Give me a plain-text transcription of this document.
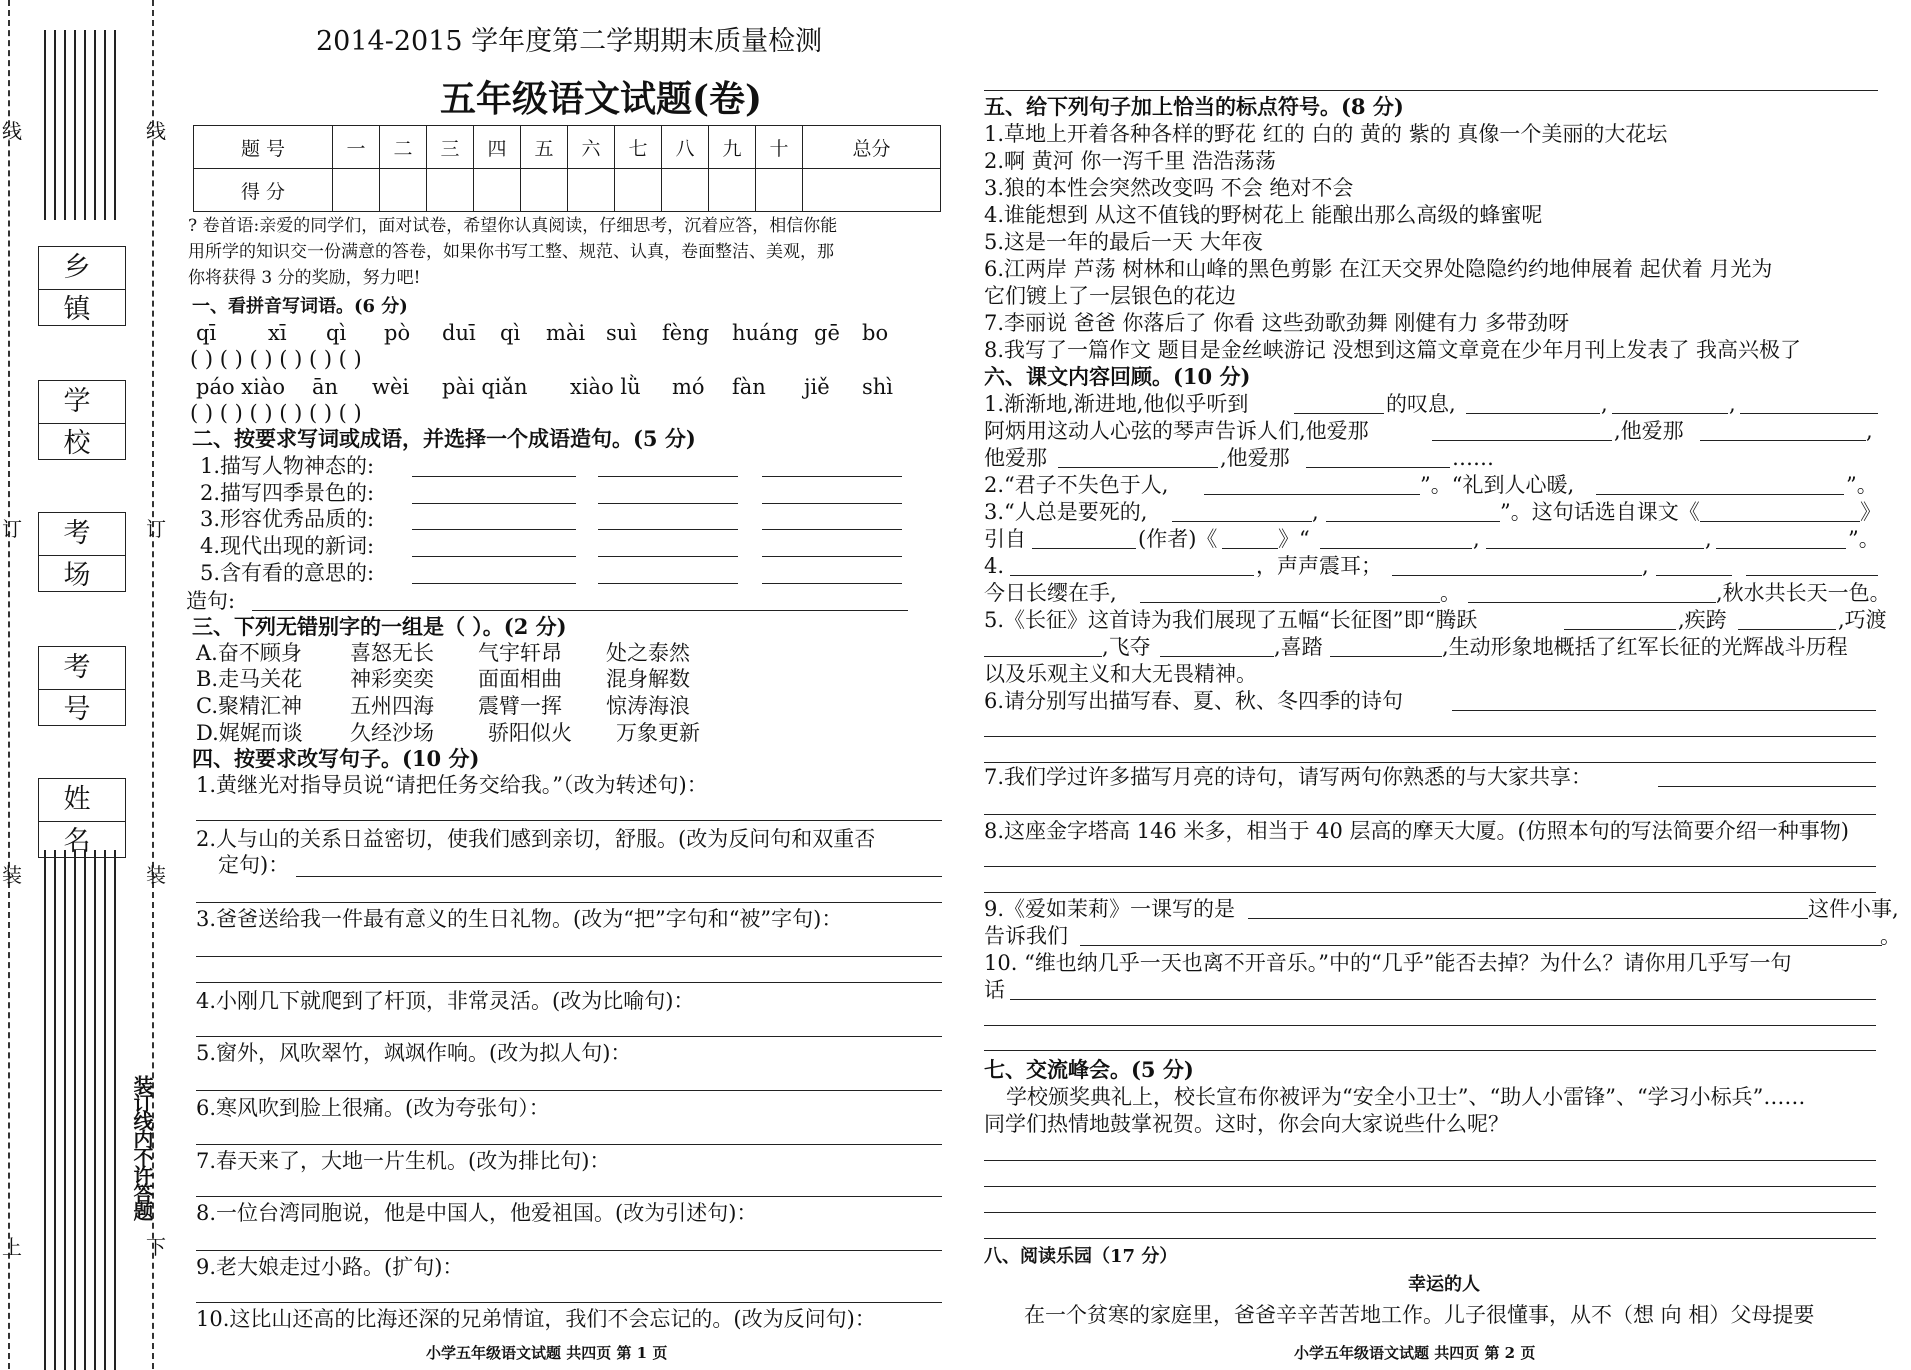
线	线
订	订
装	装
上	下
乡 镇
学 校
考 场
考 号
姓 名
装订线内不许答题
2014-2015 学年度第二学期期末质量检测
五年级语文试题(卷)
题 号	一	二	三	四	五	六	七	八	九	十	总分
得 分											
? 卷首语:亲爱的同学们，面对试卷，希望你认真阅读，仔细思考，沉着应答，相信你能
用所学的知识交一份满意的答卷，如果你书写工整、规范、认真，卷面整洁、美观，那
你将获得 3 分的奖励，努力吧!
一、看拼音写词语。(6 分)
qī xī qì pò duī qì mài suì fèng huáng gē bo
( ) ( ) ( ) ( ) ( ) ( )
páo xiào ān wèi pài qiǎn xiào lǜ mó fàn jiě shì
( ) ( ) ( ) ( ) ( ) ( )
二、按要求写词或成语，并选择一个成语造句。(5 分)
1.描写人物神态的:
2.描写四季景色的:
3.形容优秀品质的:
4.现代出现的新词:
5.含有看的意思的:
造句:
三、下列无错别字的一组是（ ）。(2 分)
A.奋不顾身 喜怒无长 气宇轩昂 处之泰然
B.走马关花 神彩奕奕 面面相曲 混身解数
C.聚精汇神 五州四海 震臂一挥 惊涛海浪
D.娓娓而谈 久经沙场	骄阳似火 万象更新
四、按要求改写句子。(10 分)
1.黄继光对指导员说“请把任务交给我。”（改为转述句)：
2.人与山的关系日益密切，使我们感到亲切，舒服。(改为反问句和双重否
定句)：
3.爸爸送给我一件最有意义的生日礼物。(改为“把”字句和“被”字句)：
4.小刚几下就爬到了杆顶，非常灵活。(改为比喻句)：
5.窗外，风吹翠竹，飒飒作响。(改为拟人句)：
6.寒风吹到脸上很痛。(改为夸张句）：
7.春天来了，大地一片生机。(改为排比句)：
8.一位台湾同胞说，他是中国人，他爱祖国。(改为引述句)：
9.老大娘走过小路。(扩句)：
10.这比山还高的比海还深的兄弟情谊，我们不会忘记的。(改为反问句)：
小学五年级语文试题 共四页 第 1 页
五、给下列句子加上恰当的标点符号。(8 分)
1.草地上开着各种各样的野花 红的 白的 黄的 紫的 真像一个美丽的大花坛
2.啊 黄河 你一泻千里 浩浩荡荡
3.狼的本性会突然改变吗 不会 绝对不会
4.谁能想到 从这不值钱的野树花上 能酿出那么高级的蜂蜜呢
5.这是一年的最后一天 大年夜
6.江两岸 芦荡 树林和山峰的黑色剪影 在江天交界处隐隐约约地伸展着 起伏着 月光为
它们镀上了一层银色的花边
7.李丽说 爸爸 你落后了 你看 这些劲歌劲舞 刚健有力 多带劲呀
8.我写了一篇作文 题目是金丝峡游记 没想到这篇文章竟在少年月刊上发表了 我高兴极了
六、课文内容回顾。(10 分)
1.渐渐地,渐进地,他似乎听到	的叹息,	,	,
阿炳用这动人心弦的琴声告诉人们,他爱那	,他爱那	,
他爱那	,他爱那	……
2.“君子不失色于人,	”。“礼到人心暖,	”。
3.“人总是要死的,	,	”。这句话选自课文《	》
引自	(作者)《	》“	,	,	”。
4.	，声声震耳；	,
今日长缨在手,	。	,秋水共长天一色。
5.《长征》这首诗为我们展现了五幅“长征图”即“腾跃	,疾跨	,巧渡
,飞夺	,喜踏	,生动形象地概括了红军长征的光辉战斗历程
以及乐观主义和大无畏精神。
6.请分别写出描写春、夏、秋、冬四季的诗句
7.我们学过许多描写月亮的诗句，请写两句你熟悉的与大家共享：
8.这座金字塔高 146 米多，相当于 40 层高的摩天大厦。(仿照本句的写法简要介绍一种事物)
9.《爱如茉莉》一课写的是	这件小事,
告诉我们	。
10. “维也纳几乎一天也离不开音乐。”中的“几乎”能否去掉？为什么？请你用几乎写一句
话
七、交流峰会。(5 分)
学校颁奖典礼上，校长宣布你被评为“安全小卫士”、“助人小雷锋”、“学习小标兵”……
同学们热情地鼓掌祝贺。这时，你会向大家说些什么呢？
八、阅读乐园（17 分）
幸运的人
在一个贫寒的家庭里，爸爸辛辛苦苦地工作。儿子很懂事，从不（想 向 相）父母提要
小学五年级语文试题 共四页 第 2 页
